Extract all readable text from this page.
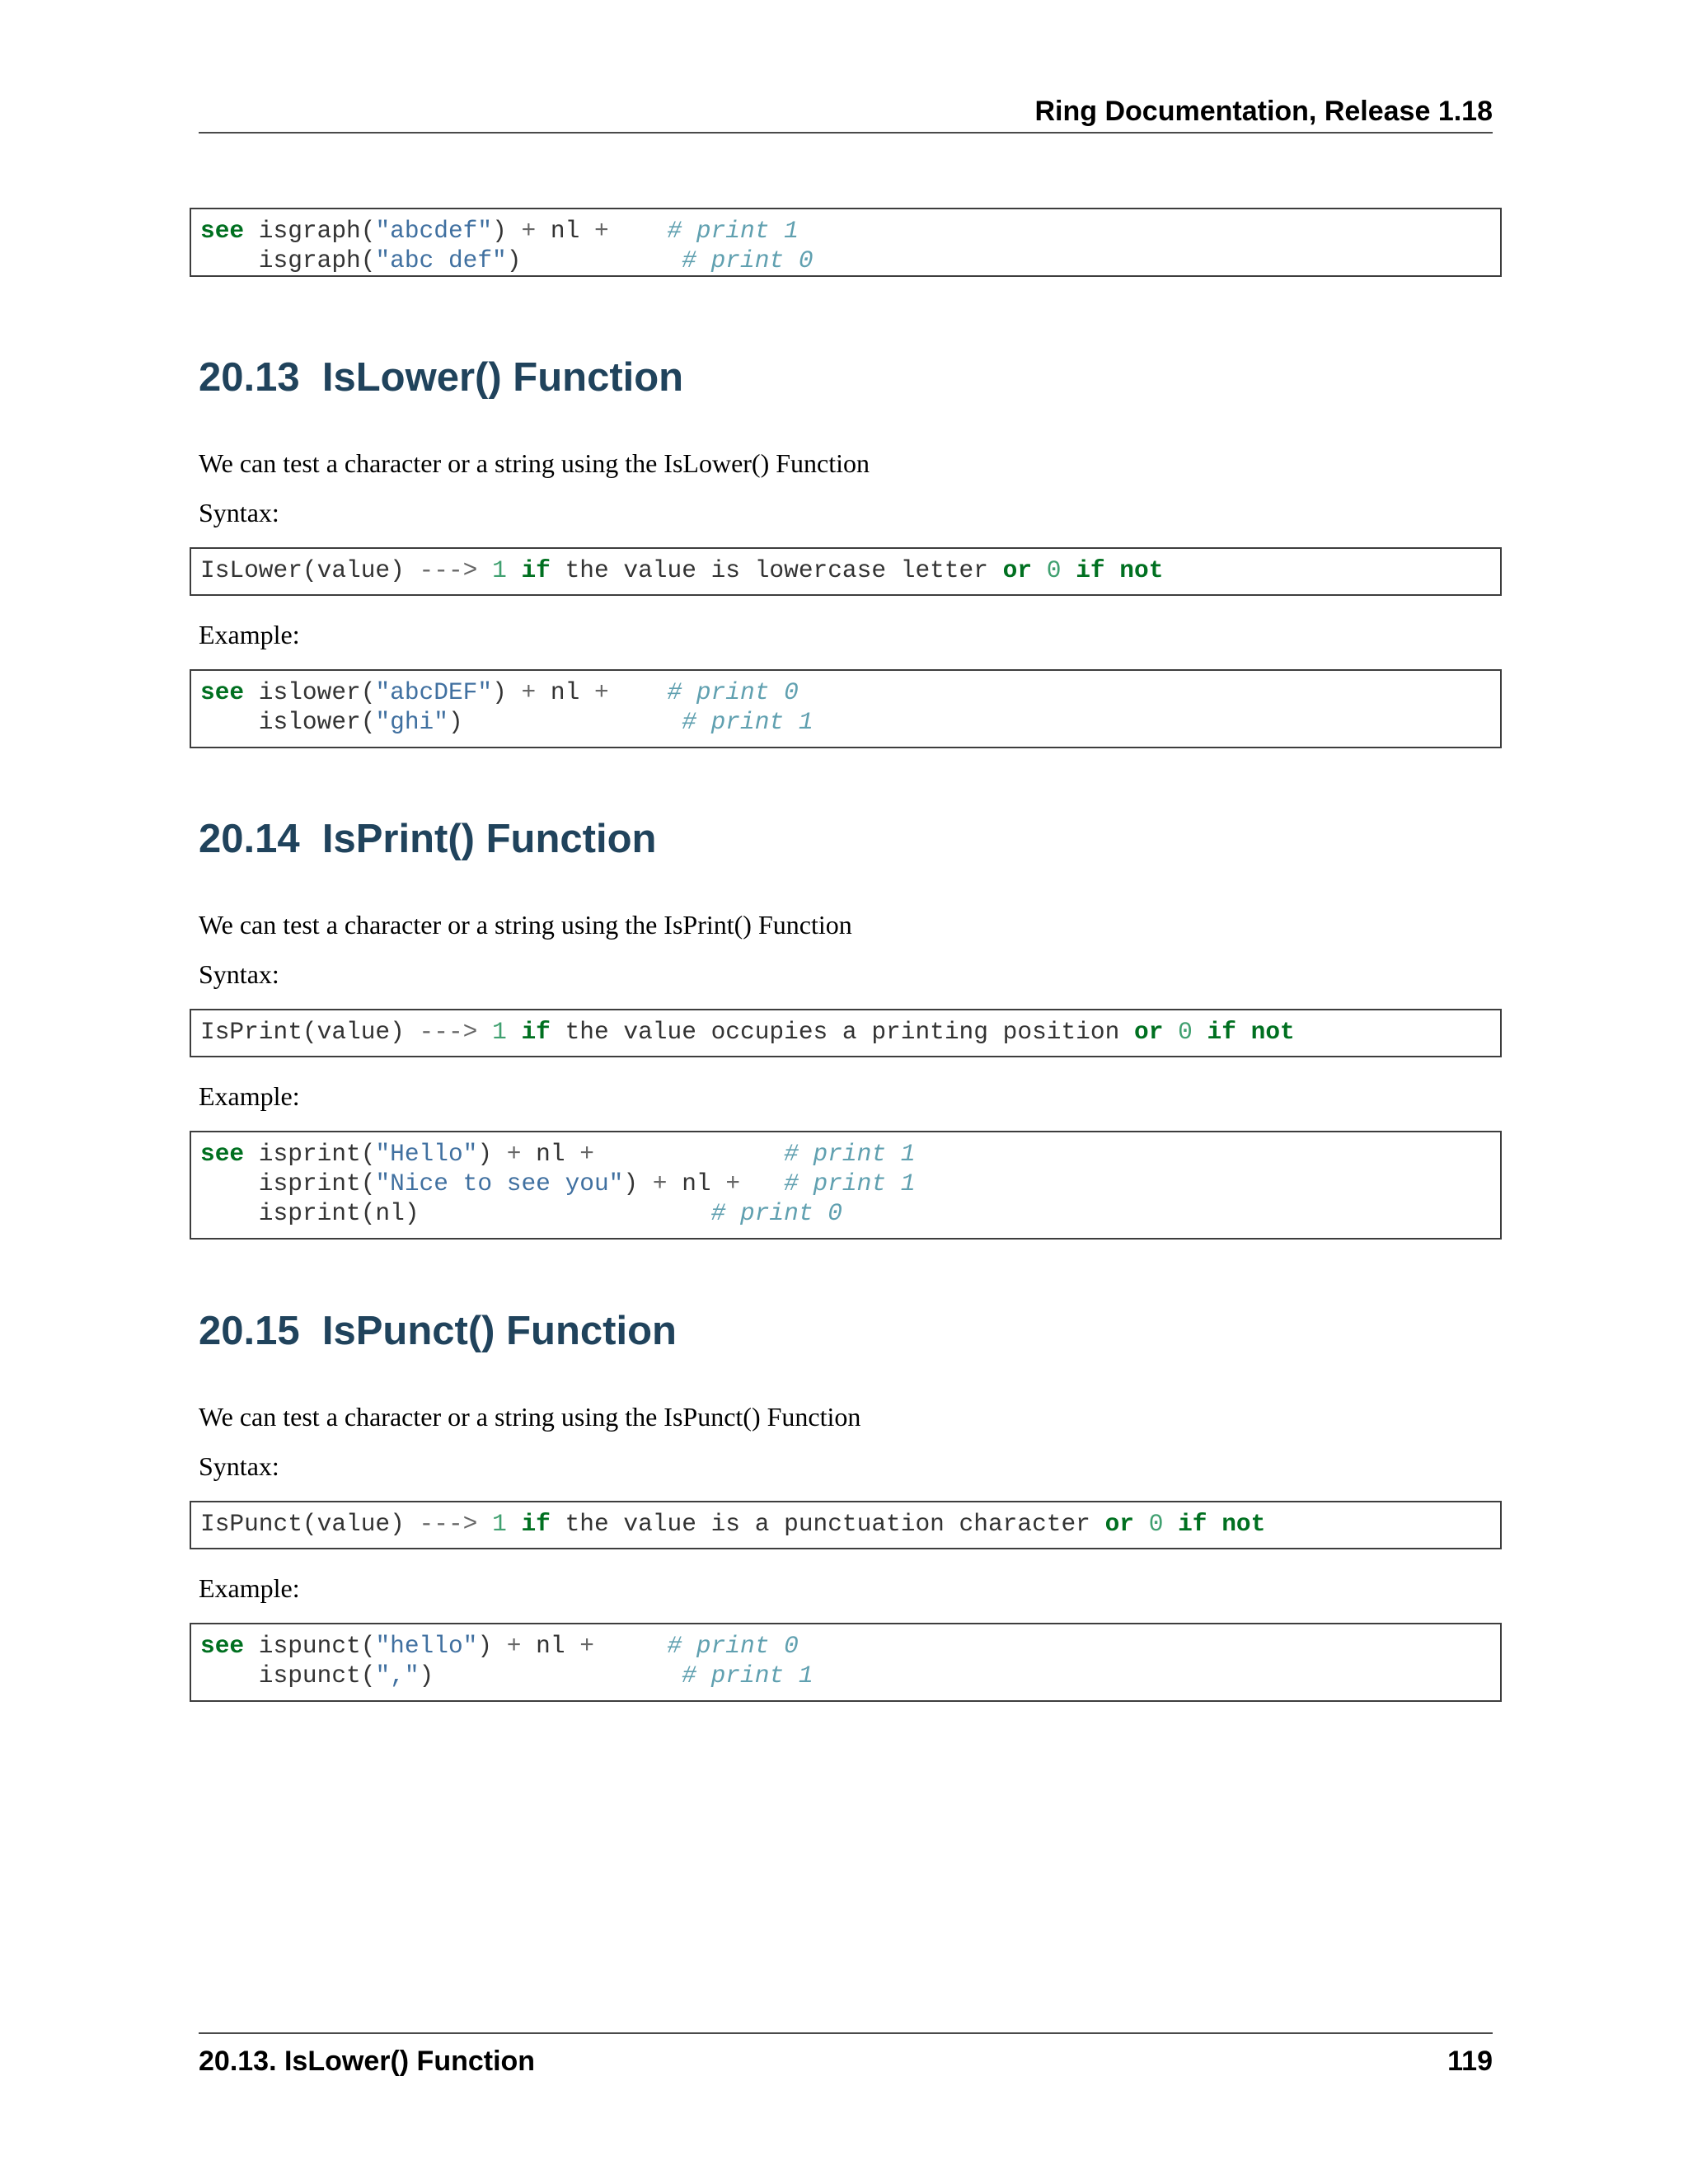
Ring Documentation, Release 1.18
see isgraph("abcdef") + nl + # print 1
isgraph("abc def")	# print 0
20.13 IsLower() Function
We can test a character or a string using the IsLower() Function
Syntax:
IsLower(value) ---> 1 if the value is lowercase letter or 0 if not
Example:
see islower("abcDEF") + nl + # print 0
islower("ghi")	# print 1
20.14 IsPrint() Function
We can test a character or a string using the IsPrint() Function
Syntax:
IsPrint(value) ---> 1 if the value occupies a printing position or 0 if not
Example:
see isprint("Hello") + nl +	# print 1
isprint("Nice to see you") + nl + # print 1
isprint(nl)	# print 0
20.15 IsPunct() Function
We can test a character or a string using the IsPunct() Function
Syntax:
IsPunct(value) ---> 1 if the value is a punctuation character or 0 if not
Example:
see ispunct("hello") + nl +	# print 0
ispunct(",")	# print 1
20.13. IsLower() Function	119
